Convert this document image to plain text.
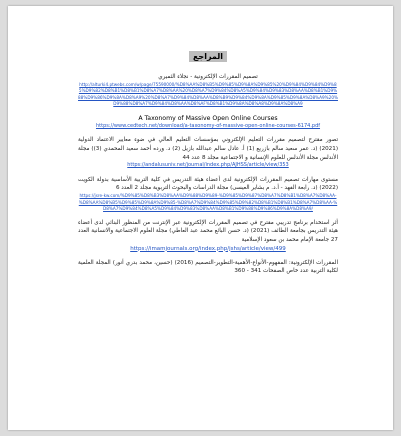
المراجع
تصميم المقررات الإلكترونية - نجلاء الثميري
http://alturki4.ptwebs.com/w/page/75590000/%D8%AA%D8%B5%D9%85%D9%8A%D9%85%20%D9%84%D9%84%D9%85%D9%82%D8%B1%D8%B1%D8%A7%D8%AA%20%D8%A7%D9%84%D8%A5%D9%84%D9%83%D8%AA%D8%B1%D9%88%D9%86%D9%8A%D8%A9%20%D8%A7%D9%84%D8%AA%D8%B9%D9%84%D9%8A%D9%85%D9%8A%D8%A9%20%D9%88%D8%A7%D9%84%D8%AA%D8%AF%D8%B1%D9%8A%D8%A8%D9%8A%D8%A9
A Taxonomy of Massive Open Online Courses
https://www.cedtech.net/download/a-taxonomy-of-massive-open-online-courses-6174.pdf
تصور مقترح لتصميم مقررات التعليم الإلكتروني بمؤسسات التعليم العالي في ضوء معايير الاعتماد الدولية (2021) (د. عمر سعيد سالم بازريع (1) أ. عادل سالم عبدالله بازيل (2) د. ورده أحمد سعيد المحمدي (3)) مجلة الأندلس مجلة الأندلس للعلوم الإنسانية و الاجتماعية مجلد 8 عدد 44
https://andalusuniv.net/journal/index.php/AJHSS/article/view/353
مستوى مهارات تصميم المقررات الإلكترونية لدى أعضاء هيئة التدريس في كلية التربية الأساسية بدولة الكويت (2022) (د. رابعة الفهد - أ.د. م بشاير العيسى) مجلة الدراسات والبحوث التربوية مجلد 2 العدد 6
https://jsre-kw.com/%D9%85%D8%B3%D8%AA%D9%88%D9%89-%D9%85%D9%87%D8%A7%D8%B1%D8%A7%D8%AA-%D8%AA%D8%B5%D9%85%D9%8A%D9%85-%D8%A7%D9%84%D9%85%D9%82%D8%B1%D8%B1%D8%A7%D8%AA-%D8%A7%D9%84%D8%A5%D9%84%D9%83%D8%AA%D8%B1%D9%88%D9%86%D9%8A%D8%A9/
أثر استخدام برنامج تدريبي مقترح في تصميم المقررات الإلكترونية عبر الإنترنت من المنظور البنائي لدى أعضاء هيئة التدريس بجامعة الطائف (2021) (د. حسن البائع محمد عبد العاطي) مجلة العلوم الاجتماعية والانسانية العدد 27 جامعة الإمام محمد بن سعود الإسلامية
https://imamjournals.org/index.php/jshs/article/view/499
المقررات الإلكترونية: المفهوم-الأنواع-الأهمية-التطوير-التصميم (2016) (حسين، محمد بدري أنور) المجلة العلمية لكلية التربية عدد خاص الصفحات 341 - 360
